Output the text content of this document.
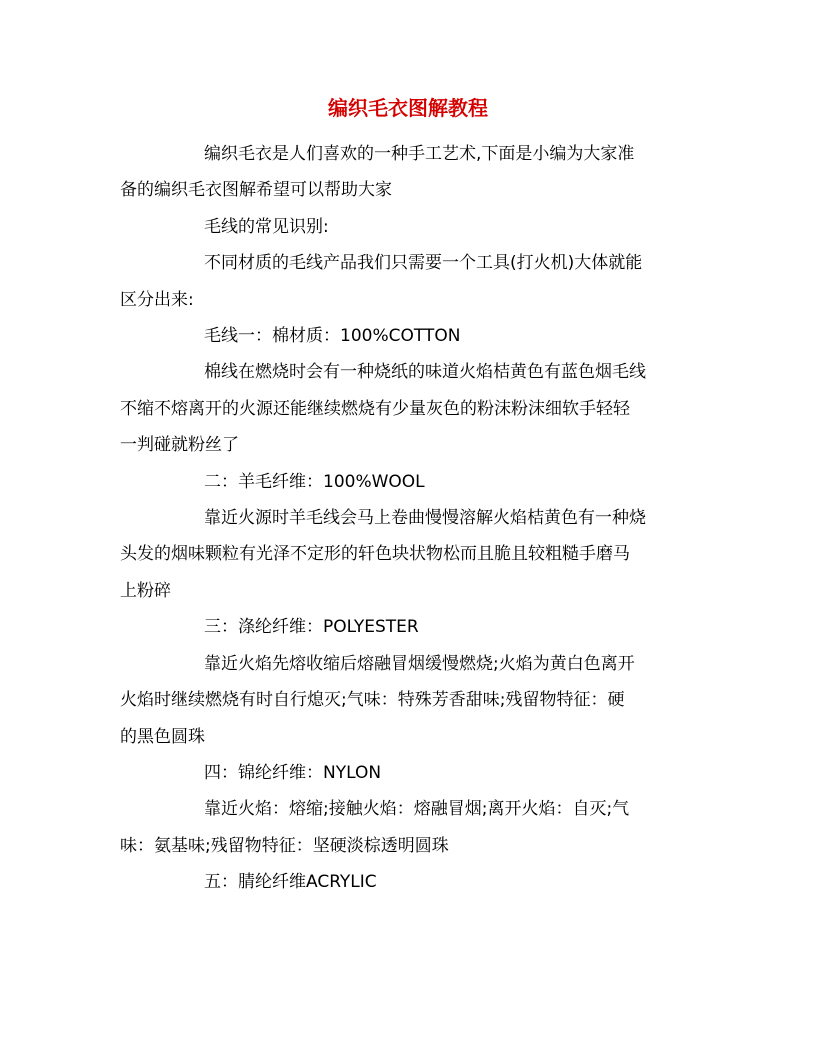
编织毛衣图解教程

编织毛衣是人们喜欢的一种手工艺术,下面是小编为大家准
备的编织毛衣图解希望可以帮助大家

毛线的常见识别:

不同材质的毛线产品我们只需要一个工具(打火机)大体就能
区分出来:

毛线一：棉材质：100%COTTON

棉线在燃烧时会有一种烧纸的味道火焰桔黄色有蓝色烟毛线
不缩不熔离开的火源还能继续燃烧有少量灰色的粉沫粉沫细软手轻轻
一判碰就粉丝了

二：羊毛纤维：100%WOOL

靠近火源时羊毛线会马上卷曲慢慢溶解火焰桔黄色有一种烧
头发的烟味颗粒有光泽不定形的轩色块状物松而且脆且较粗糙手磨马
上粉碎

三：涤纶纤维：POLYESTER

靠近火焰先熔收缩后熔融冒烟缓慢燃烧;火焰为黄白色离开
火焰时继续燃烧有时自行熄灭;气味：特殊芳香甜味;残留物特征：硬
的黑色圆珠

四：锦纶纤维：NYLON

靠近火焰：熔缩;接触火焰：熔融冒烟;离开火焰：自灭;气
味：氨基味;残留物特征：坚硬淡棕透明圆珠

五：腈纶纤维ACRYLIC
